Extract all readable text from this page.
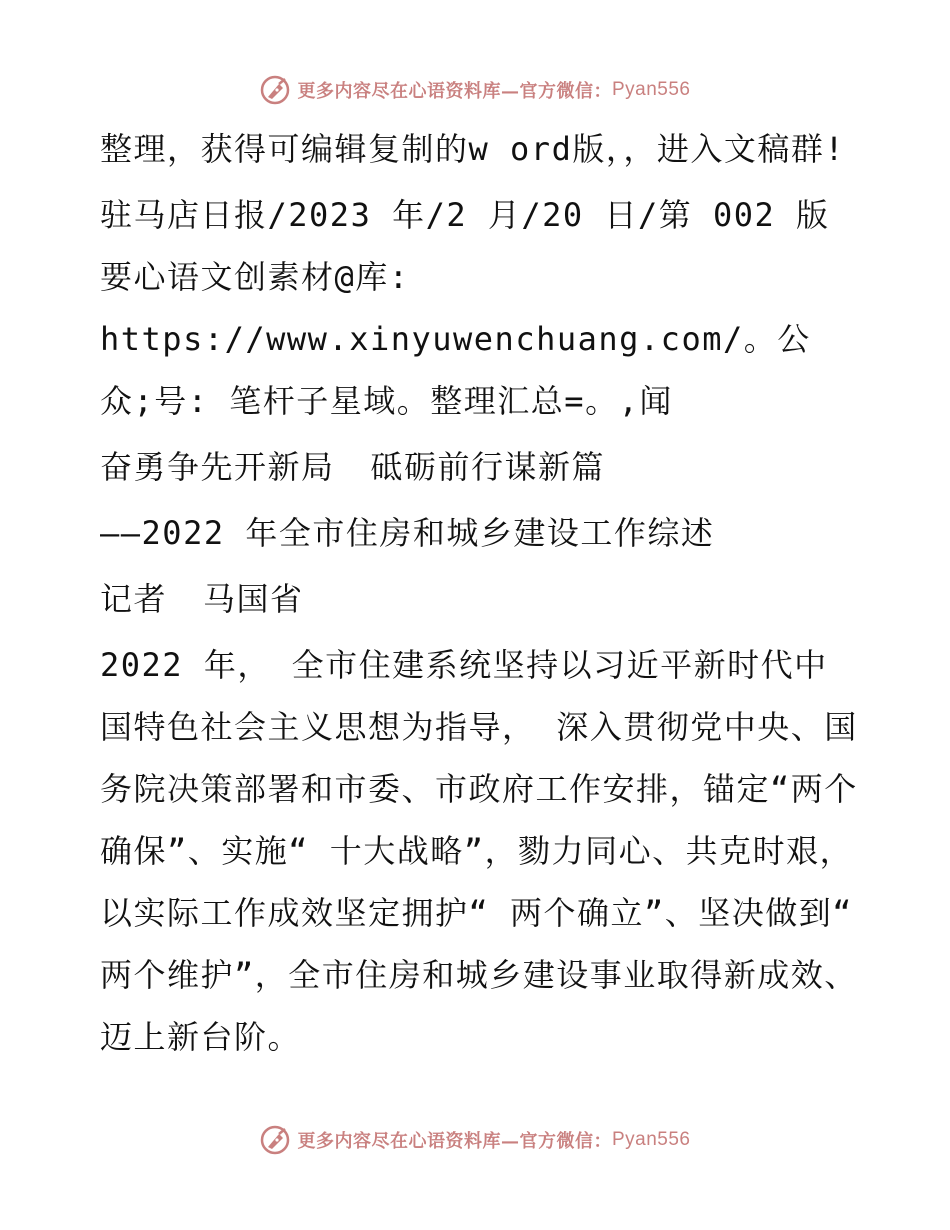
更多内容尽在心语资料库—官方微信： Pyan556

整理，获得可编辑复制的w ord版，，进入文稿群!

驻马店日报/2023 年/2 月/20 日/第 002 版要心语文创素材@库: https://www.xinyuwenchuang.com/。公众;号: 笔杆子星域。整理汇总=。,闻

奋勇争先开新局 砥砺前行谋新篇

——2022 年全市住房和城乡建设工作综述

记者 马国省

2022 年， 全市住建系统坚持以习近平新时代中国特色社会主义思想为指导， 深入贯彻党中央、国务院决策部署和市委、市政府工作安排，锚定“两个确保”、实施“ 十大战略”，勠力同心、共克时艰，以实际工作成效坚定拥护“ 两个确立”、坚决做到“ 两个维护”，全市住房和城乡建设事业取得新成效、迈上新台阶。

更多内容尽在心语资料库—官方微信： Pyan556
